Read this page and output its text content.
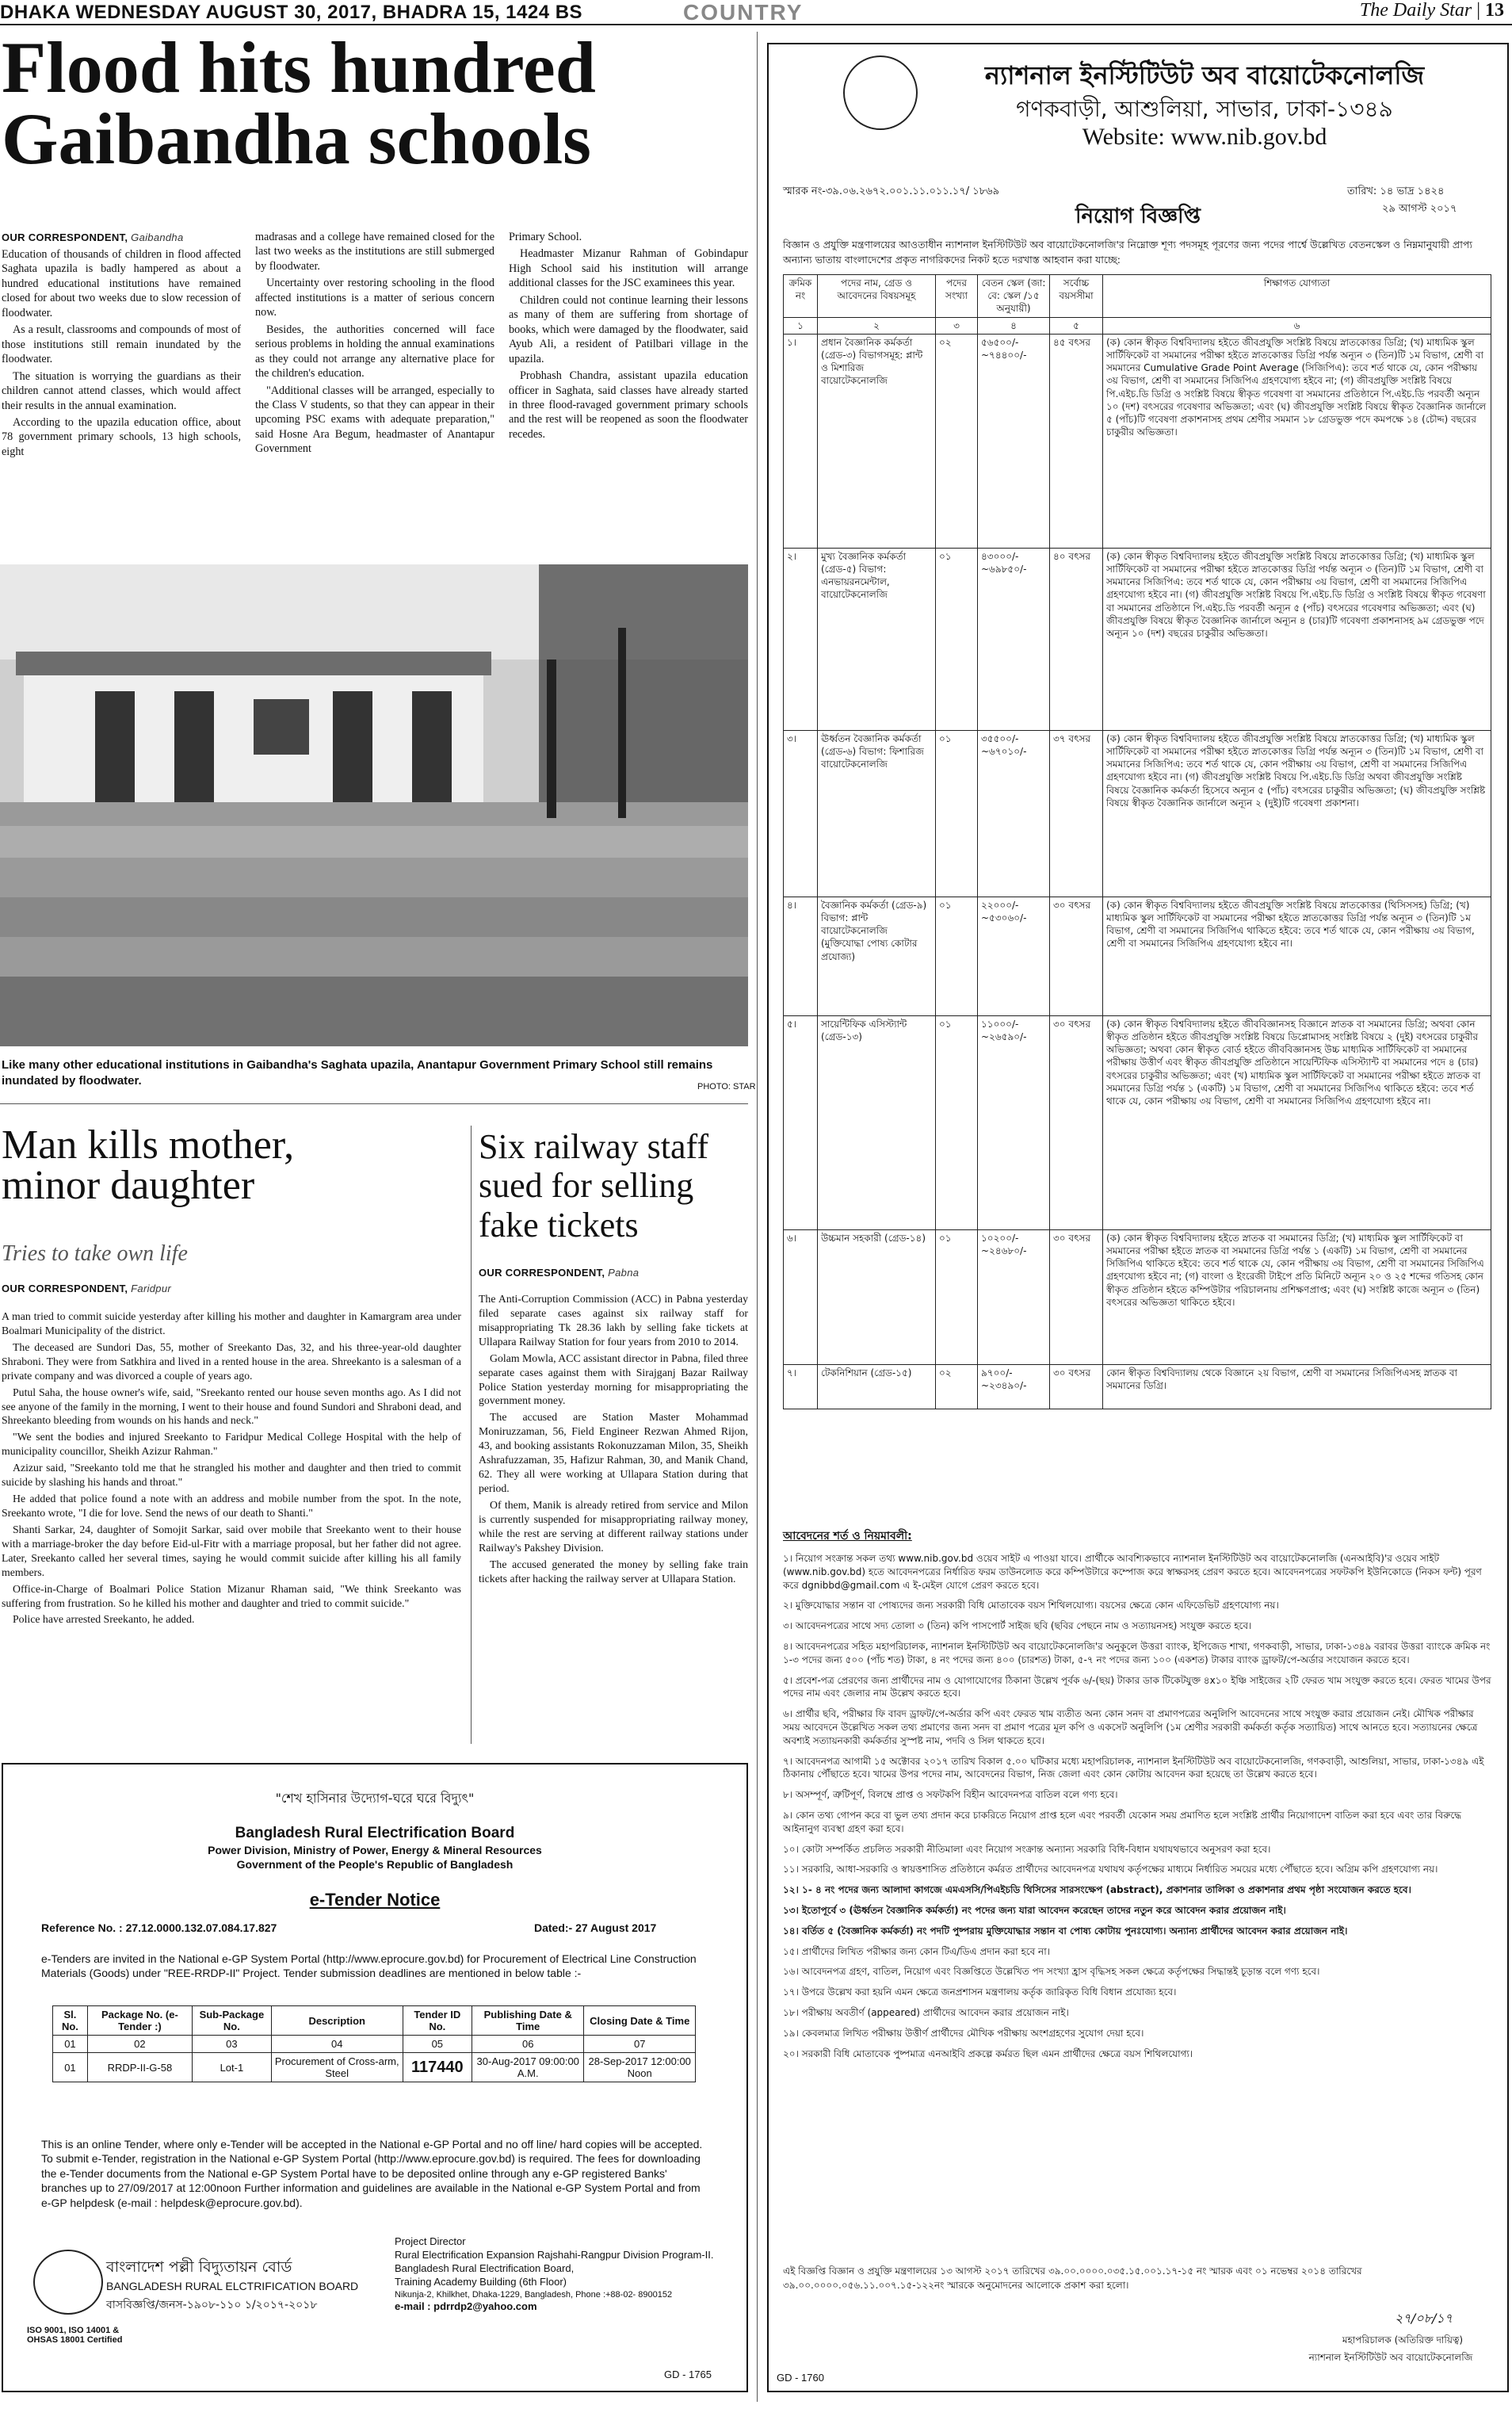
DHAKA WEDNESDAY AUGUST 30, 2017, BHADRA 15, 1424 BS	COUNTRY	The Daily Star | 13
Flood hits hundred
Gaibandha schools
OUR CORRESPONDENT, Gaibandha

Education of thousands of children in flood affected Saghata upazila is badly hampered as about a hundred educational institutions have remained closed for about two weeks due to slow recession of floodwater.

As a result, classrooms and compounds of most of those institutions still remain inundated by the floodwater.

The situation is worrying the guardians as their children cannot attend classes, which would affect their results in the annual examination.

According to the upazila education office, about 78 government primary schools, 13 high schools, eight

madrasas and a college have remained closed for the last two weeks as the institutions are still submerged by floodwater.

Uncertainty over restoring schooling in the flood affected institutions is a matter of serious concern now.

Besides, the authorities concerned will face serious problems in holding the annual examinations as they could not arrange any alternative place for the children's education.

"Additional classes will be arranged, especially to the Class V students, so that they can appear in their upcoming PSC exams with adequate preparation," said Hosne Ara Begum, headmaster of Anantapur Government

Primary School.

Headmaster Mizanur Rahman of Gobindapur High School said his institution will arrange additional classes for the JSC examinees this year.

Children could not continue learning their lessons as many of them are suffering from shortage of books, which were damaged by the floodwater, said Ayub Ali, a resident of Patilbari village in the upazila.

Probhash Chandra, assistant upazila education officer in Saghata, said classes have already started in three flood-ravaged government primary schools and the rest will be reopened as soon the floodwater recedes.

Like many other educational institutions in Gaibandha's Saghata upazila, Anantapur Government Primary School still remains inundated by floodwater.	PHOTO: STAR
Man kills mother,
minor daughter
Tries to take own life
OUR CORRESPONDENT, Faridpur

A man tried to commit suicide yesterday after killing his mother and daughter in Kamargram area under Boalmari Municipality of the district.

The deceased are Sundori Das, 55, mother of Sreekanto Das, 32, and his three-year-old daughter Shraboni. They were from Satkhira and lived in a rented house in the area. Shreekanto is a salesman of a private company and was divorced a couple of years ago.

Putul Saha, the house owner's wife, said, "Sreekanto rented our house seven months ago. As I did not see anyone of the family in the morning, I went to their house and found Sundori and Shraboni dead, and Shreekanto bleeding from wounds on his hands and neck."

"We sent the bodies and injured Sreekanto to Faridpur Medical College Hospital with the help of municipality councillor, Sheikh Azizur Rahman."

Azizur said, "Sreekanto told me that he strangled his mother and daughter and then tried to commit suicide by slashing his hands and throat."

He added that police found a note with an address and mobile number from the spot. In the note, Sreekanto wrote, "I die for love. Send the news of our death to Shanti."

Shanti Sarkar, 24, daughter of Somojit Sarkar, said over mobile that Sreekanto went to their house with a marriage-broker the day before Eid-ul-Fitr with a marriage proposal, but her father did not agree. Later, Sreekanto called her several times, saying he would commit suicide after killing his all family members.

Office-in-Charge of Boalmari Police Station Mizanur Rhaman said, "We think Sreekanto was suffering from frustration. So he killed his mother and daughter and tried to commit suicide."

Police have arrested Sreekanto, he added.

Six railway staff
sued for selling
fake tickets
OUR CORRESPONDENT, Pabna

The Anti-Corruption Commission (ACC) in Pabna yesterday filed separate cases against six railway staff for misappropriating Tk 28.36 lakh by selling fake tickets at Ullapara Railway Station for four years from 2010 to 2014.

Golam Mowla, ACC assistant director in Pabna, filed three separate cases against them with Sirajganj Bazar Railway Police Station yesterday morning for misappropriating the government money.

The accused are Station Master Mohammad Moniruzzaman, 56, Field Engineer Rezwan Ahmed Rijon, 43, and booking assistants Rokonuzzaman Milon, 35, Sheikh Ashrafuzzaman, 35, Hafizur Rahman, 30, and Manik Chand, 62. They all were working at Ullapara Station during that period.

Of them, Manik is already retired from service and Milon is currently suspended for misappropriating railway money, while the rest are serving at different railway stations under Railway's Pakshey Division.

The accused generated the money by selling fake train tickets after hacking the railway server at Ullapara Station.

"শেখ হাসিনার উদ্যোগ-ঘরে ঘরে বিদ্যুৎ"
Bangladesh Rural Electrification Board
Power Division, Ministry of Power, Energy & Mineral Resources
Government of the People's Republic of Bangladesh
e-Tender Notice
Reference No. : 27.12.0000.132.07.084.17.827	Dated:- 27 August 2017
e-Tenders are invited in the National e-GP System Portal (http://www.eprocure.gov.bd) for Procurement of Electrical Line Construction Materials (Goods) under "REE-RRDP-II" Project. Tender submission deadlines are mentioned in below table :-
Sl. No.	Package No. (e-Tender :)	Sub-Package No.	Description	Tender ID No.	Publishing Date & Time	Closing Date & Time
01	02	03	04	05	06	07
01	RRDP-II-G-58	Lot-1	Procurement of Cross-arm, Steel	117440	30-Aug-2017 09:00:00 A.M.	28-Sep-2017 12:00:00 Noon
This is an online Tender, where only e-Tender will be accepted in the National e-GP Portal and no off line/ hard copies will be accepted. To submit e-Tender, registration in the National e-GP System Portal (http://www.eprocure.gov.bd) is required. The fees for downloading the e-Tender documents from the National e-GP System Portal have to be deposited online through any e-GP registered Banks' branches up to 27/09/2017 at 12:00noon Further information and guidelines are available in the National e-GP System Portal and from e-GP helpdesk (e-mail : helpdesk@eprocure.gov.bd).
বাংলাদেশ পল্লী বিদ্যুতায়ন বোর্ড
BANGLADESH RURAL ELCTRIFICATION BOARD
বাসবিজ্ঞপ্তি/জনস-১৯০৮-১১০ ১/২০১৭-২০১৮
ISO 9001, ISO 14001 & OHSAS 18001 Certified
Project Director
Rural Electrification Expansion Rajshahi-Rangpur Division Program-II.
Bangladesh Rural Electrification Board,
Training Academy Building (6th Floor)
Nikunja-2, Khilkhet, Dhaka-1229, Bangladesh, Phone :+88-02- 8900152
e-mail : pdrrdp2@yahoo.com
GD - 1765
ন্যাশনাল ইনস্টিটিউট অব বায়োটেকনোলজি
গণকবাড়ী, আশুলিয়া, সাভার, ঢাকা-১৩৪৯
Website: www.nib.gov.bd
স্মারক নং-৩৯.০৬.২৬৭২.০০১.১১.০১১.১৭/ ১৮৬৯	তারিখ: ১৪ ভাদ্র ১৪২৪
২৯ আগস্ট ২০১৭
নিয়োগ বিজ্ঞপ্তি
বিজ্ঞান ও প্রযুক্তি মন্ত্রণালয়ের আওতাধীন ন্যাশনাল ইনস্টিটিউট অব বায়োটেকনোলজি'র নিম্নোক্ত শূণ্য পদসমূহ পূরণের জন্য পদের পার্শ্বে উল্লেখিত বেতনস্কেল ও নিম্নমানুযায়ী প্রাপ্য অন্যান্য ভাতায় বাংলাদেশের প্রকৃত নাগরিকদের নিকট হতে দরখাস্ত আহবান করা যাচ্ছে:
ক্রমিক নং	পদের নাম, গ্রেড ও আবেদনের বিষয়সমূহ	পদের সংখ্যা	বেতন স্কেল (জা: বে: স্কেল /১৫ অনুযায়ী)	সর্বোচ্চ বয়সসীমা	শিক্ষাগত যোগ্যতা
১	২	৩	৪	৫	৬
১।	প্রধান বৈজ্ঞানিক কর্মকর্তা (গ্রেড-৩) বিভাগসমূহ: প্লান্ট ও মিশারিজ বায়োটেকনোলজি	০২	৫৬৫০০/- ~৭৪৪০০/-	৪৫ বৎসর	(ক) কোন স্বীকৃত বিশ্ববিদ্যালয় হইতে জীবপ্রযুক্তি সংশ্লিষ্ট বিষয়ে স্নাতকোত্তর ডিগ্রি; (খ) মাধ্যমিক স্কুল সার্টিফিকেট বা সমমানের পরীক্ষা হইতে স্নাতকোত্তর ডিগ্রি পর্যন্ত অন্যূন ৩ (তিন)টি ১ম বিভাগ, শ্রেণী বা সমমানের Cumulative Grade Point Average (সিজিপিএ): তবে শর্ত থাকে যে, কোন পরীক্ষায় ৩য় বিভাগ, শ্রেণী বা সমমানের সিজিপিএ গ্রহণযোগ্য হইবে না; (গ) জীবপ্রযুক্তি সংশ্লিষ্ট বিষয়ে পি.এইচ.ডি ডিগ্রি ও সংশ্লিষ্ট বিষয়ে স্বীকৃত গবেষণা বা সমমানের প্রতিষ্ঠানে পি.এইচ.ডি পরবর্তী অন্যূন ১০ (দশ) বৎসরের গবেষণার অভিজ্ঞতা; এবং (ঘ) জীবপ্রযুক্তি সংশ্লিষ্ট বিষয়ে স্বীকৃত বৈজ্ঞানিক জার্নালে ৫ (পাঁচ)টি গবেষণা প্রকাশনাসহ প্রথম শ্রেণীর সমমান ১৮ গ্রেডভুক্ত পদে কমপক্ষে ১৪ (চৌদ্দ) বছরের চাকুরীর অভিজ্ঞতা।
২।	মুখ্য বৈজ্ঞানিক কর্মকর্তা (গ্রেড-৫) বিভাগ: এনভায়রনমেন্টাল, বায়োটেকনোলজি	০১	৪৩০০০/- ~৬৯৮৫০/-	৪০ বৎসর	(ক) কোন স্বীকৃত বিশ্ববিদ্যালয় হইতে জীবপ্রযুক্তি সংশ্লিষ্ট বিষয়ে স্নাতকোত্তর ডিগ্রি; (খ) মাধ্যমিক স্কুল সার্টিফিকেট বা সমমানের পরীক্ষা হইতে স্নাতকোত্তর ডিগ্রি পর্যন্ত অন্যূন ৩ (তিন)টি ১ম বিভাগ, শ্রেণী বা সমমানের সিজিপিএ: তবে শর্ত থাকে যে, কোন পরীক্ষায় ৩য় বিভাগ, শ্রেণী বা সমমানের সিজিপিএ গ্রহণযোগ্য হইবে না। (গ) জীবপ্রযুক্তি সংশ্লিষ্ট বিষয়ে পি.এইচ.ডি ডিগ্রি ও সংশ্লিষ্ট বিষয়ে স্বীকৃত গবেষণা বা সমমানের প্রতিষ্ঠানে পি.এইচ.ডি পরবর্তী অন্যূন ৫ (পাঁচ) বৎসরের গবেষণার অভিজ্ঞতা; এবং (ঘ) জীবপ্রযুক্তি বিষয়ে স্বীকৃত বৈজ্ঞানিক জার্নালে অন্যূন ৪ (চার)টি গবেষণা প্রকাশনাসহ ৯ম গ্রেডভুক্ত পদে অন্যূন ১০ (দশ) বছরের চাকুরীর অভিজ্ঞতা।
৩।	ঊর্ধ্বতন বৈজ্ঞানিক কর্মকর্তা (গ্রেড-৬) বিভাগ: ফিশারিজ বায়োটেকনোলজি	০১	৩৫৫০০/- ~৬৭০১০/-	৩৭ বৎসর	(ক) কোন স্বীকৃত বিশ্ববিদ্যালয় হইতে জীবপ্রযুক্তি সংশ্লিষ্ট বিষয়ে স্নাতকোত্তর ডিগ্রি; (খ) মাধ্যমিক স্কুল সার্টিফিকেট বা সমমানের পরীক্ষা হইতে স্নাতকোত্তর ডিগ্রি পর্যন্ত অন্যূন ৩ (তিন)টি ১ম বিভাগ, শ্রেণী বা সমমানের সিজিপিএ: তবে শর্ত থাকে যে, কোন পরীক্ষায় ৩য় বিভাগ, শ্রেণী বা সমমানের সিজিপিএ গ্রহণযোগ্য হইবে না। (গ) জীবপ্রযুক্তি সংশ্লিষ্ট বিষয়ে পি.এইচ.ডি ডিগ্রি অথবা জীবপ্রযুক্তি সংশ্লিষ্ট বিষয়ে বৈজ্ঞানিক কর্মকর্তা হিসেবে অন্যূন ৫ (পাঁচ) বৎসরের চাকুরীর অভিজ্ঞতা; (ঘ) জীবপ্রযুক্তি সংশ্লিষ্ট বিষয়ে স্বীকৃত বৈজ্ঞানিক জার্নালে অন্যূন ২ (দুই)টি গবেষণা প্রকাশনা।
৪।	বৈজ্ঞানিক কর্মকর্তা (গ্রেড-৯) বিভাগ: প্লান্ট বায়োটেকনোলজি (মুক্তিযোদ্ধা পোষ্য কোটার প্রযোজ্য)	০১	২২০০০/- ~৫৩০৬০/-	৩০ বৎসর	(ক) কোন স্বীকৃত বিশ্ববিদ্যালয় হইতে জীবপ্রযুক্তি সংশ্লিষ্ট বিষয়ে স্নাতকোত্তর (থিসিসসহ) ডিগ্রি; (খ) মাধ্যমিক স্কুল সার্টিফিকেট বা সমমানের পরীক্ষা হইতে স্নাতকোত্তর ডিগ্রি পর্যন্ত অন্যূন ৩ (তিন)টি ১ম বিভাগ, শ্রেণী বা সমমানের সিজিপিএ থাকিতে হইবে: তবে শর্ত থাকে যে, কোন পরীক্ষায় ৩য় বিভাগ, শ্রেণী বা সমমানের সিজিপিএ গ্রহণযোগ্য হইবে না।
৫।	সায়েন্টিফিক এসিস্ট্যান্ট (গ্রেড-১৩)	০১	১১০০০/- ~২৬৫৯০/-	৩০ বৎসর	(ক) কোন স্বীকৃত বিশ্ববিদ্যালয় হইতে জীববিজ্ঞানসহ বিজ্ঞানে স্নাতক বা সমমানের ডিগ্রি; অথবা কোন স্বীকৃত প্রতিষ্ঠান হইতে জীবপ্রযুক্তি সংশ্লিষ্ট বিষয়ে ডিপ্লোমাসহ সংশ্লিষ্ট বিষয়ে ২ (দুই) বৎসরের চাকুরীর অভিজ্ঞতা; অথবা কোন স্বীকৃত বোর্ড হইতে জীববিজ্ঞানসহ উচ্চ মাধ্যমিক সার্টিফিকেট বা সমমানের পরীক্ষায় উত্তীর্ণ এবং স্বীকৃত জীবপ্রযুক্তি প্রতিষ্ঠানে সায়েন্টিফিক এসিস্ট্যান্ট বা সমমানের পদে ৪ (চার) বৎসরের চাকুরীর অভিজ্ঞতা; এবং (খ) মাধ্যমিক স্কুল সার্টিফিকেট বা সমমানের পরীক্ষা হইতে স্নাতক বা সমমানের ডিগ্রি পর্যন্ত ১ (একটি) ১ম বিভাগ, শ্রেণী বা সমমানের সিজিপিএ থাকিতে হইবে: তবে শর্ত থাকে যে, কোন পরীক্ষায় ৩য় বিভাগ, শ্রেণী বা সমমানের সিজিপিএ গ্রহণযোগ্য হইবে না।
৬।	উচ্চমান সহকারী (গ্রেড-১৪)	০১	১০২০০/- ~২৪৬৮০/-	৩০ বৎসর	(ক) কোন স্বীকৃত বিশ্ববিদ্যালয় হইতে স্নাতক বা সমমানের ডিগ্রি; (খ) মাধ্যমিক স্কুল সার্টিফিকেট বা সমমানের পরীক্ষা হইতে স্নাতক বা সমমানের ডিগ্রি পর্যন্ত ১ (একটি) ১ম বিভাগ, শ্রেণী বা সমমানের সিজিপিএ থাকিতে হইবে: তবে শর্ত থাকে যে, কোন পরীক্ষায় ৩য় বিভাগ, শ্রেণী বা সমমানের সিজিপিএ গ্রহণযোগ্য হইবে না; (গ) বাংলা ও ইংরেজী টাইপে প্রতি মিনিটে অন্যূন ২০ ও ২৫ শব্দের গতিসহ কোন স্বীকৃত প্রতিষ্ঠান হইতে কম্পিউটার পরিচালনায় প্রশিক্ষণপ্রাপ্ত; এবং (ঘ) সংশ্লিষ্ট কাজে অন্যূন ৩ (তিন) বৎসরের অভিজ্ঞতা থাকিতে হইবে।
৭।	টেকনিশিয়ান (গ্রেড-১৫)	০২	৯৭০০/- ~২৩৪৯০/-	৩০ বৎসর	কোন স্বীকৃত বিশ্ববিদ্যালয় থেকে বিজ্ঞানে ২য় বিভাগ, শ্রেণী বা সমমানের সিজিপিএসহ স্নাতক বা সমমানের ডিগ্রি।
আবেদনের শর্ত ও নিয়মাবলী:

১। নিয়োগ সংক্রান্ত সকল তথ্য www.nib.gov.bd ওয়েব সাইট এ পাওয়া যাবে। প্রার্থীকে আবশ্যিকভাবে ন্যাশনাল ইনস্টিটিউট অব বায়োটেকনোলজি (এনআইবি)'র ওয়েব সাইট (www.nib.gov.bd) হতে আবেদনপত্রের নির্ধারিত ফরম ডাউনলোড করে কম্পিউটারে কম্পোজ করে স্বাক্ষরসহ প্রেরণ করতে হবে। আবেদনপত্রের সফটকপি ইউনিকোডে (নিকস ফন্ট) পূরণ করে dgnibbd@gmail.com এ ই-মেইল যোগে প্রেরণ করতে হবে।

২। মুক্তিযোদ্ধার সন্তান বা পোষ্যদের জন্য সরকারী বিধি মোতাবেক বয়স শিথিলযোগ্য। বয়সের ক্ষেত্রে কোন এফিডেভিট গ্রহণযোগ্য নয়।

৩। আবেদনপত্রের সাথে সদ্য তোলা ৩ (তিন) কপি পাসপোর্ট সাইজ ছবি (ছবির পেছনে নাম ও সত্যায়নসহ) সংযুক্ত করতে হবে।

৪। আবেদনপত্রের সহিত মহাপরিচালক, ন্যাশনাল ইনস্টিটিউট অব বায়োটেকনোলজি'র অনুকূলে উত্তরা ব্যাংক, ইপিজেড শাখা, গণকবাড়ী, সাভার, ঢাকা-১৩৪৯ বরাবর উত্তরা ব্যাংকে ক্রমিক নং ১-৩ পদের জন্য ৫০০ (পাঁচ শত) টাকা, ৪ নং পদের জন্য ৪০০ (চারশত) টাকা, ৫-৭ নং পদের জন্য ১০০ (একশত) টাকার ব্যাংক ড্রাফট/পে-অর্ডার সংযোজন করতে হবে।

৫। প্রবেশ-পত্র প্রেরণের জন্য প্রার্থীদের নাম ও যোগাযোগের ঠিকানা উল্লেখ পূর্বক ৬/-(ছয়) টাকার ডাক টিকেটযুক্ত ৪x১০ ইঞ্চি সাইজের ২টি ফেরত খাম সংযুক্ত করতে হবে। ফেরত খামের উপর পদের নাম এবং জেলার নাম উল্লেখ করতে হবে।

৬। প্রার্থীর ছবি, পরীক্ষার ফি বাবদ ড্রাফট/পে-অর্ডার কপি এবং ফেরত খাম ব্যতীত অন্য কোন সনদ বা প্রমাণপত্রের অনুলিপি আবেদনের সাথে সংযুক্ত করার প্রয়োজন নেই। মৌখিক পরীক্ষার সময় আবেদনে উল্লেখিত সকল তথ্য প্রমাণের জন্য সনদ বা প্রমাণ পত্রের মূল কপি ও একসেট অনুলিপি (১ম শ্রেণীর সরকারী কর্মকর্তা কর্তৃক সত্যায়িত) সাথে আনতে হবে। সত্যায়নের ক্ষেত্রে অবশ্যই সত্যায়নকারী কর্মকর্তার সুস্পষ্ট নাম, পদবি ও সিল থাকতে হবে।

৭। আবেদনপত্র আগামী ১৫ অক্টোবর ২০১৭ তারিখ বিকাল ৫.০০ ঘটিকার মধ্যে মহাপরিচালক, ন্যাশনাল ইনস্টিটিউট অব বায়োটেকনোলজি, গণকবাড়ী, আশুলিয়া, সাভার, ঢাকা-১৩৪৯ এই ঠিকানায় পৌঁছাতে হবে। খামের উপর পদের নাম, আবেদনের বিভাগ, নিজ জেলা এবং কোন কোটায় আবেদন করা হয়েছে তা উল্লেখ করতে হবে।

৮। অসম্পূর্ণ, ত্রুটিপূর্ণ, বিলম্বে প্রাপ্ত ও সফটকপি বিহীন আবেদনপত্র বাতিল বলে গণ্য হবে।

৯। কোন তথ্য গোপন করে বা ভুল তথ্য প্রদান করে চাকরিতে নিয়োগ প্রাপ্ত হলে এবং পরবর্তী যেকোন সময় প্রমাণিত হলে সংশ্লিষ্ট প্রার্থীর নিয়োগাদেশ বাতিল করা হবে এবং তার বিরুদ্ধে আইনানুগ ব্যবস্থা গ্রহণ করা হবে।

১০। কোটা সম্পর্কিত প্রচলিত সরকারী নীতিমালা এবং নিয়োগ সংক্রান্ত অন্যান্য সরকারি বিধি-বিধান যথাযথভাবে অনুসরণ করা হবে।

১১। সরকারি, আধা-সরকারি ও স্বায়ত্তশাসিত প্রতিষ্ঠানে কর্মরত প্রার্থীদের আবেদনপত্র যথাযথ কর্তৃপক্ষের মাধ্যমে নির্ধারিত সময়ের মধ্যে পৌঁছাতে হবে। অগ্রিম কপি গ্রহণযোগ্য নয়।

১২। ১- ৪ নং পদের জন্য আলাদা কাগজে এমএসসি/পিএইচডি থিসিসের সারসংক্ষেপ (abstract), প্রকাশনার তালিকা ও প্রকাশনার প্রথম পৃষ্ঠা সংযোজন করতে হবে।

১৩। ইতোপূর্বে ৩ (ঊর্ধ্বতন বৈজ্ঞানিক কর্মকর্তা) নং পদের জন্য যারা আবেদন করেছেন তাদের নতুন করে আবেদন করার প্রয়োজন নাই।

১৪। বর্তিত ৫ (বৈজ্ঞানিক কর্মকর্তা) নং পদটি পুষ্পরায় মুক্তিযোদ্ধার সন্তান বা পোষ্য কোটায় পুনঃযোগ্য। অন্যান্য প্রার্থীদের আবেদন করার প্রয়োজন নাই।

১৫। প্রার্থীদের লিখিত পরীক্ষার জন্য কোন টিএ/ডিএ প্রদান করা হবে না।

১৬। আবেদনপত্র গ্রহণ, বাতিল, নিয়োগ এবং বিজ্ঞপ্তিতে উল্লেখিত পদ সংখ্যা হ্রাস বৃদ্ধিসহ সকল ক্ষেত্রে কর্তৃপক্ষের সিদ্ধান্তই চূড়ান্ত বলে গণ্য হবে।

১৭। উপরে উল্লেখ করা হয়নি এমন ক্ষেত্রে জনপ্রশাসন মন্ত্রণালয় কর্তৃক জারিকৃত বিধি বিধান প্রযোজ্য হবে।

১৮। পরীক্ষায় অবতীর্ণ (appeared) প্রার্থীদের আবেদন করার প্রয়োজন নাই।

১৯। কেবলমাত্র লিখিত পরীক্ষায় উত্তীর্ণ প্রার্থীদের মৌখিক পরীক্ষায় অংশগ্রহণের সুযোগ দেয়া হবে।

২০। সরকারী বিধি মোতাবেক পুষ্পমাত্র এনআইবি প্রকল্পে কর্মরত ছিল এমন প্রার্থীদের ক্ষেত্রে বয়স শিথিলযোগ্য।

এই বিজ্ঞপ্তি বিজ্ঞান ও প্রযুক্তি মন্ত্রণালয়ের ১৩ আগস্ট ২০১৭ তারিখের ৩৯.০০.০০০০.০৩৫.১৫.০০১.১৭-১৫ নং স্মারক এবং ০১ নভেম্বর ২০১৪ তারিখের ৩৯.০০.০০০০.০৫৬.১১.০০৭.১৫-১২২নং স্মারকে অনুমোদনের আলোকে প্রকাশ করা হলো।
২৭/০৮/১৭
মহাপরিচালক (অতিরিক্ত দায়িত্ব)
ন্যাশনাল ইনস্টিটিউট অব বায়োটেকনোলজি
GD - 1760
